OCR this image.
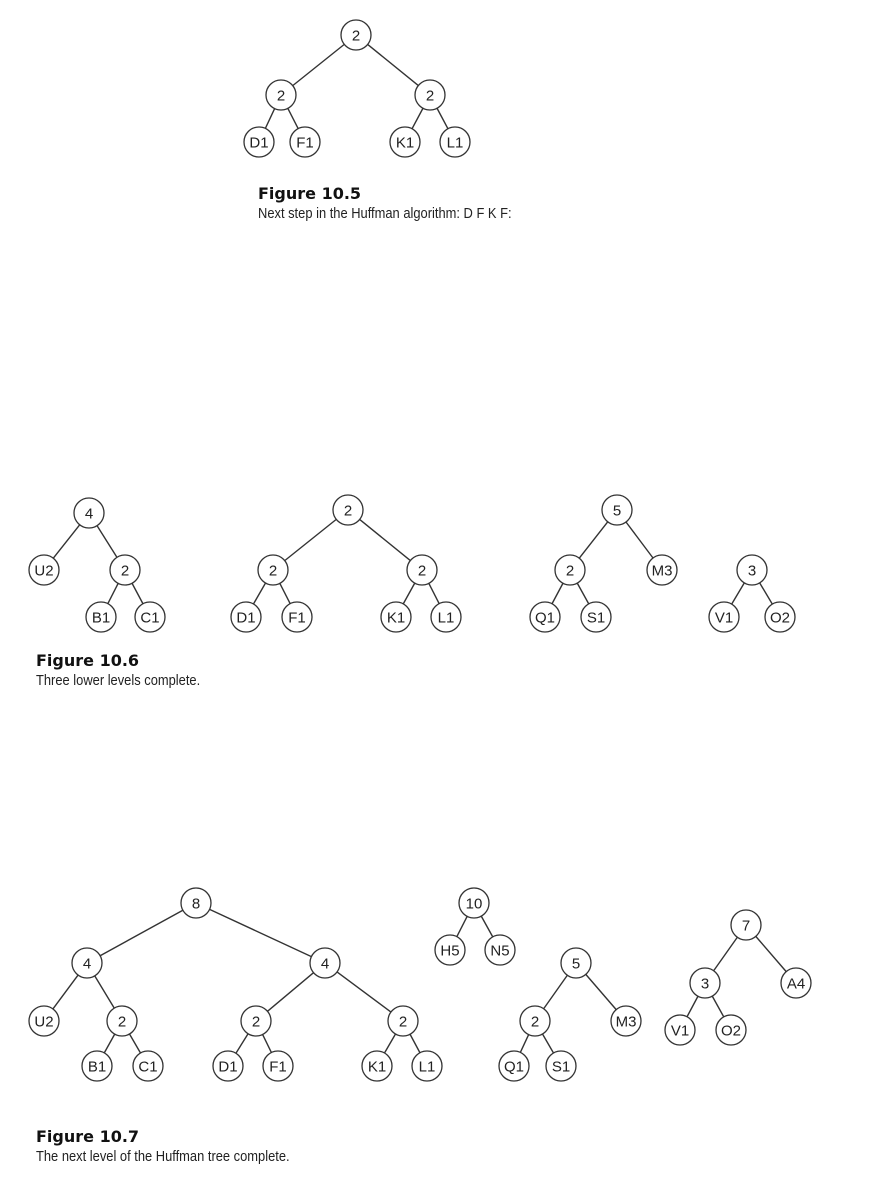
2
2
D1 F1
2
K1 L1
4
U2	2
B1 C1
2
2
D1 F1
2
K1 L1
5
2
Q1 S1
M3	3
V1 O2
8
4
U2	2
B1 C1
4
2
D1 F1
2
K1 L1
10
H5 N5
5
2
Q1 S1
M3
7
3
V1 O2
A4
Figure 10.5
Next step in the Huffman algorithm: D F K F:
Figure 10.6
Three lower levels complete.
Figure 10.7
The next level of the Huffman tree complete.
